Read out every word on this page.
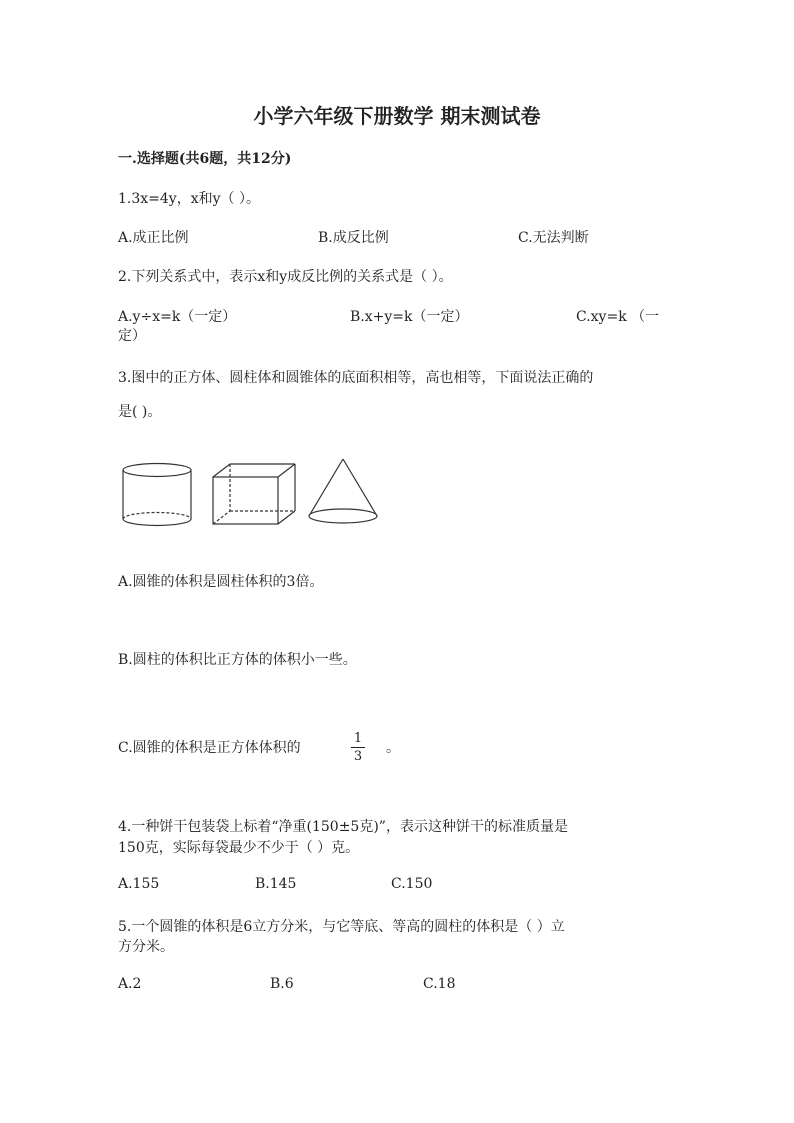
小学六年级下册数学 期末测试卷
一.选择题(共6题，共12分)
1.3x=4y，x和y（ ）。
A.成正比例	B.成反比例	C.无法判断
2.下列关系式中，表示x和y成反比例的关系式是（ ）。
A.y÷x=k（一定）	B.x+y=k（一定）	C.xy=k （一
定）
3.图中的正方体、圆柱体和圆锥体的底面积相等，高也相等，下面说法正确的
是( )。
A.圆锥的体积是圆柱体积的3倍。
B.圆柱的体积比正方体的体积小一些。
C.圆锥的体积是正方体体积的
1
3
。
4.一种饼干包装袋上标着“净重(150±5克)”，表示这种饼干的标准质量是
150克，实际每袋最少不少于（ ）克。
A.155	B.145	C.150
5.一个圆锥的体积是6立方分米，与它等底、等高的圆柱的体积是（ ）立
方分米。
A.2	B.6	C.18
